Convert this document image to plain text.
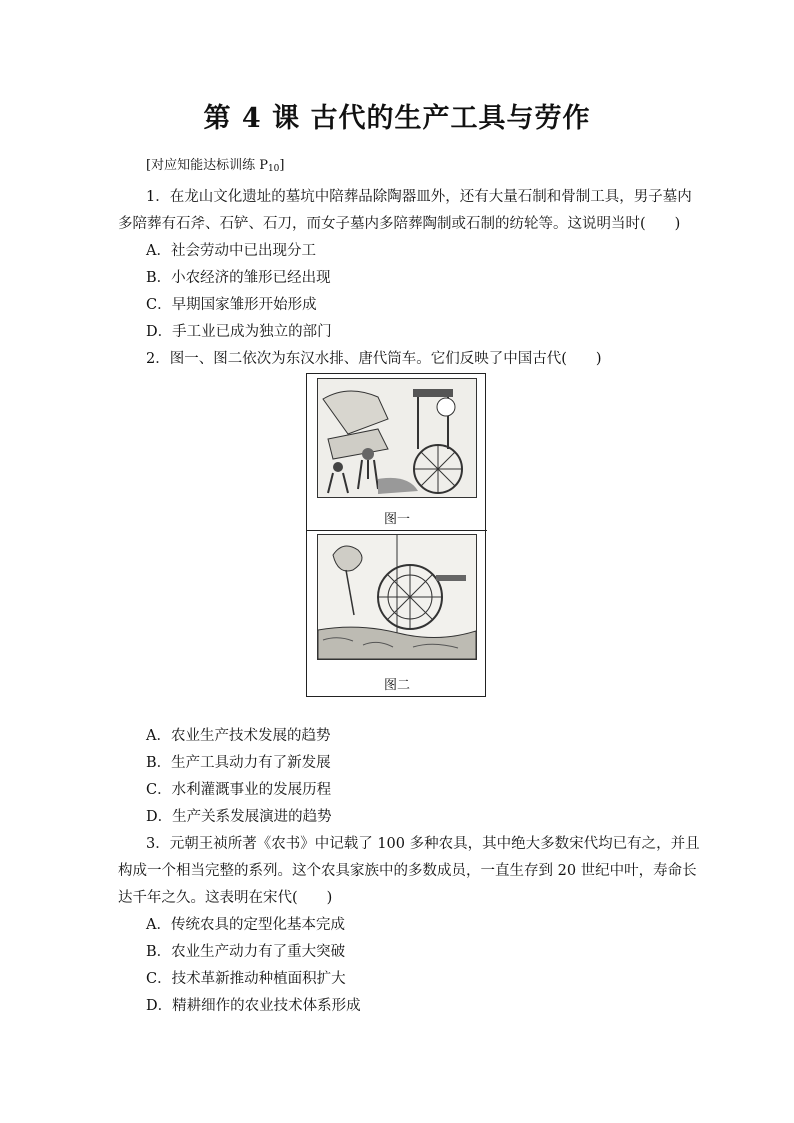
第 4 课 古代的生产工具与劳作
[对应知能达标训练 $P_{10}$]
1．在龙山文化遗址的墓坑中陪葬品除陶器皿外，还有大量石制和骨制工具，男子墓内
多陪葬有石斧、石铲、石刀，而女子墓内多陪葬陶制或石制的纺轮等。这说明当时(　　)
A．社会劳动中已出现分工
B．小农经济的雏形已经出现
C．早期国家雏形开始形成
D．手工业已成为独立的部门
2．图一、图二依次为东汉水排、唐代筒车。它们反映了中国古代(　　)
图一
图二
A．农业生产技术发展的趋势
B．生产工具动力有了新发展
C．水利灌溉事业的发展历程
D．生产关系发展演进的趋势
3．元朝王祯所著《农书》中记载了 100 多种农具，其中绝大多数宋代均已有之，并且
构成一个相当完整的系列。这个农具家族中的多数成员，一直生存到 20 世纪中叶，寿命长
达千年之久。这表明在宋代(　　)
A．传统农具的定型化基本完成
B．农业生产动力有了重大突破
C．技术革新推动种植面积扩大
D．精耕细作的农业技术体系形成
